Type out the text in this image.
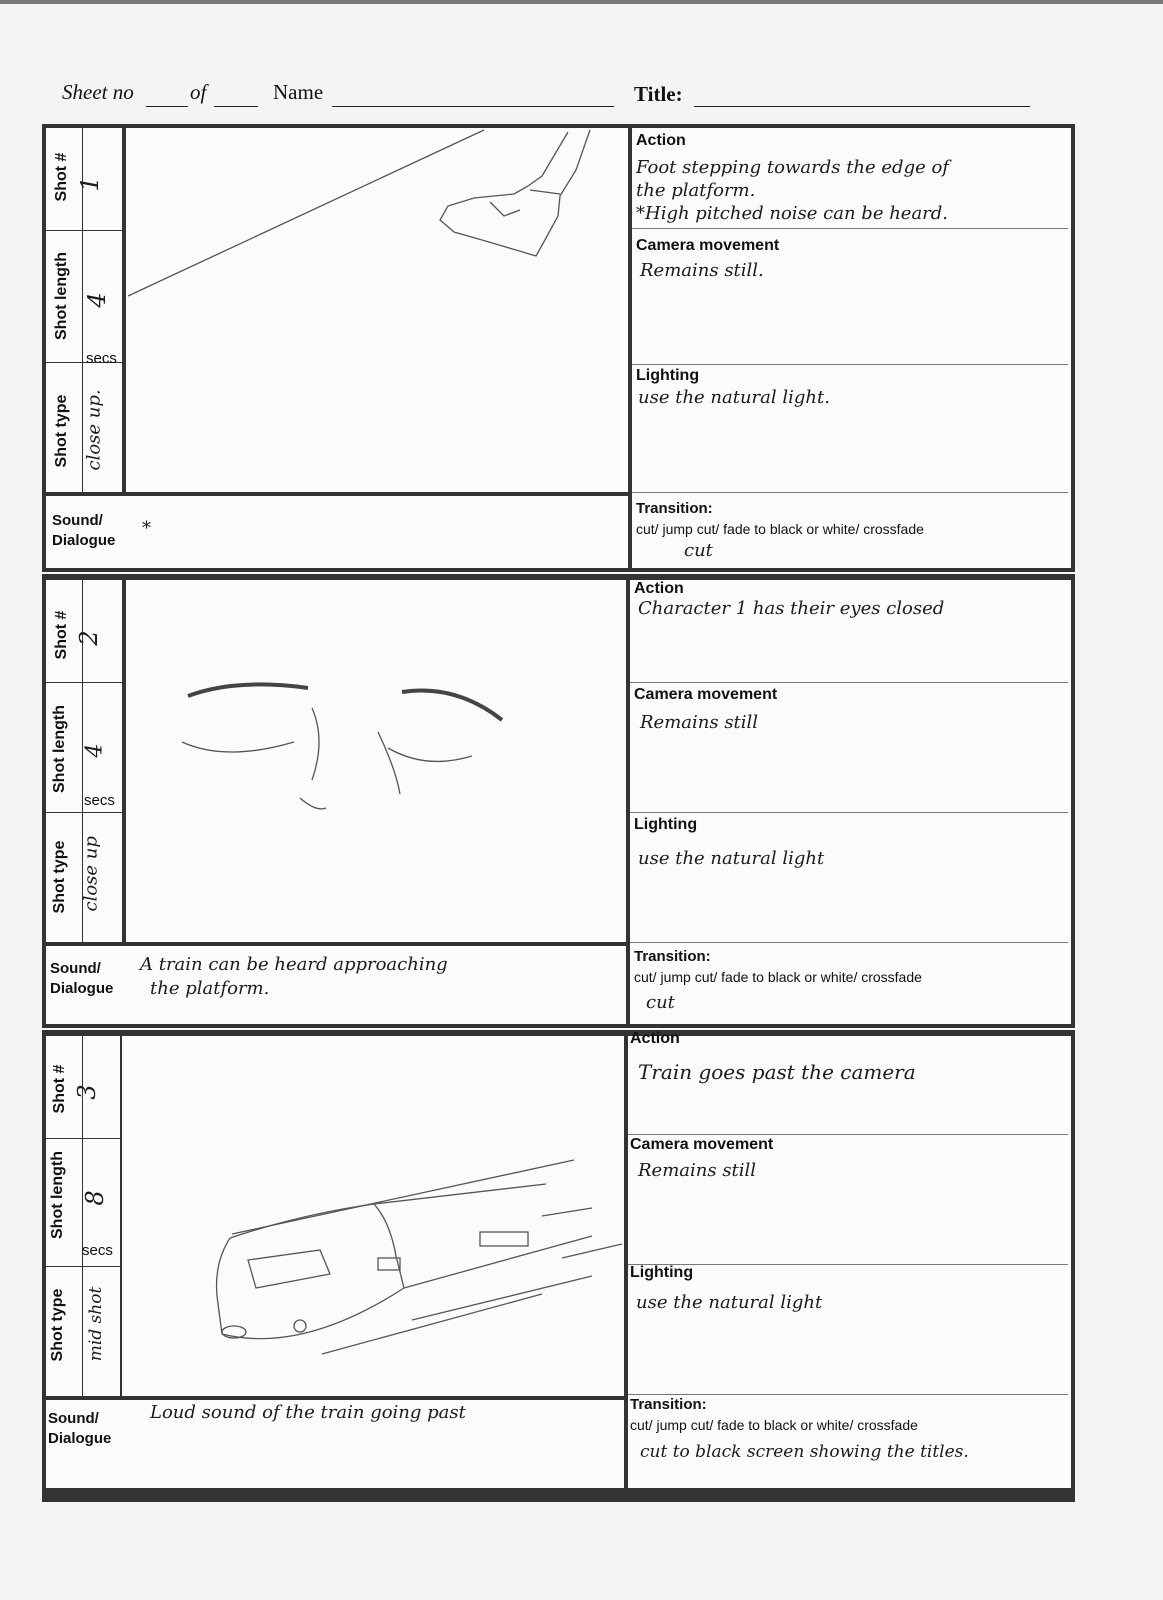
Sheet no	of	Name	Title:
Shot # 1
Shot length 4
secs
Shot type close up.
Action
Foot stepping towards the edge of
the platform.
*High pitched noise can be heard.
Camera movement
Remains still.
Lighting
use the natural light.
Sound/
Dialogue
*
Transition:
cut/ jump cut/ fade to black or white/ crossfade
cut
Shot # 2
Shot length 4
secs
Shot type close up
Action
Character 1 has their eyes closed
Camera movement
Remains still
Lighting
use the natural light
Sound/
Dialogue
A train can be heard approaching
the platform.
Transition:
cut/ jump cut/ fade to black or white/ crossfade
cut
Shot # 3
Shot length 8
secs
Shot type mid shot
Action
Train goes past the camera
Camera movement
Remains still
Lighting
use the natural light
Sound/
Dialogue
Loud sound of the train going past	Transition:
cut/ jump cut/ fade to black or white/ crossfade
cut to black screen showing the titles.
